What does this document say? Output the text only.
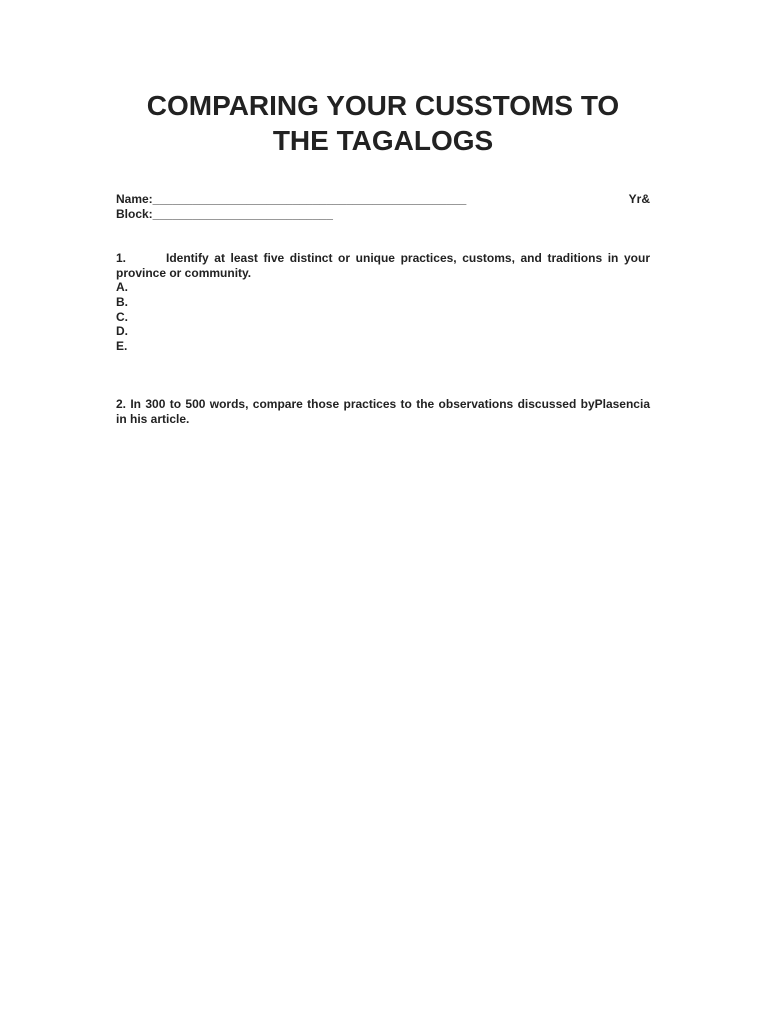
COMPARING YOUR CUSSTOMS TO THE TAGALOGS
Name:_______________________________________________	Yr&
Block:___________________________
1.	Identify at least five distinct or unique practices, customs, and traditions in your province or community.
A.
B.
C.
D.
E.
2. In 300 to 500 words, compare those practices to the observations discussed byPlasencia in his article.
